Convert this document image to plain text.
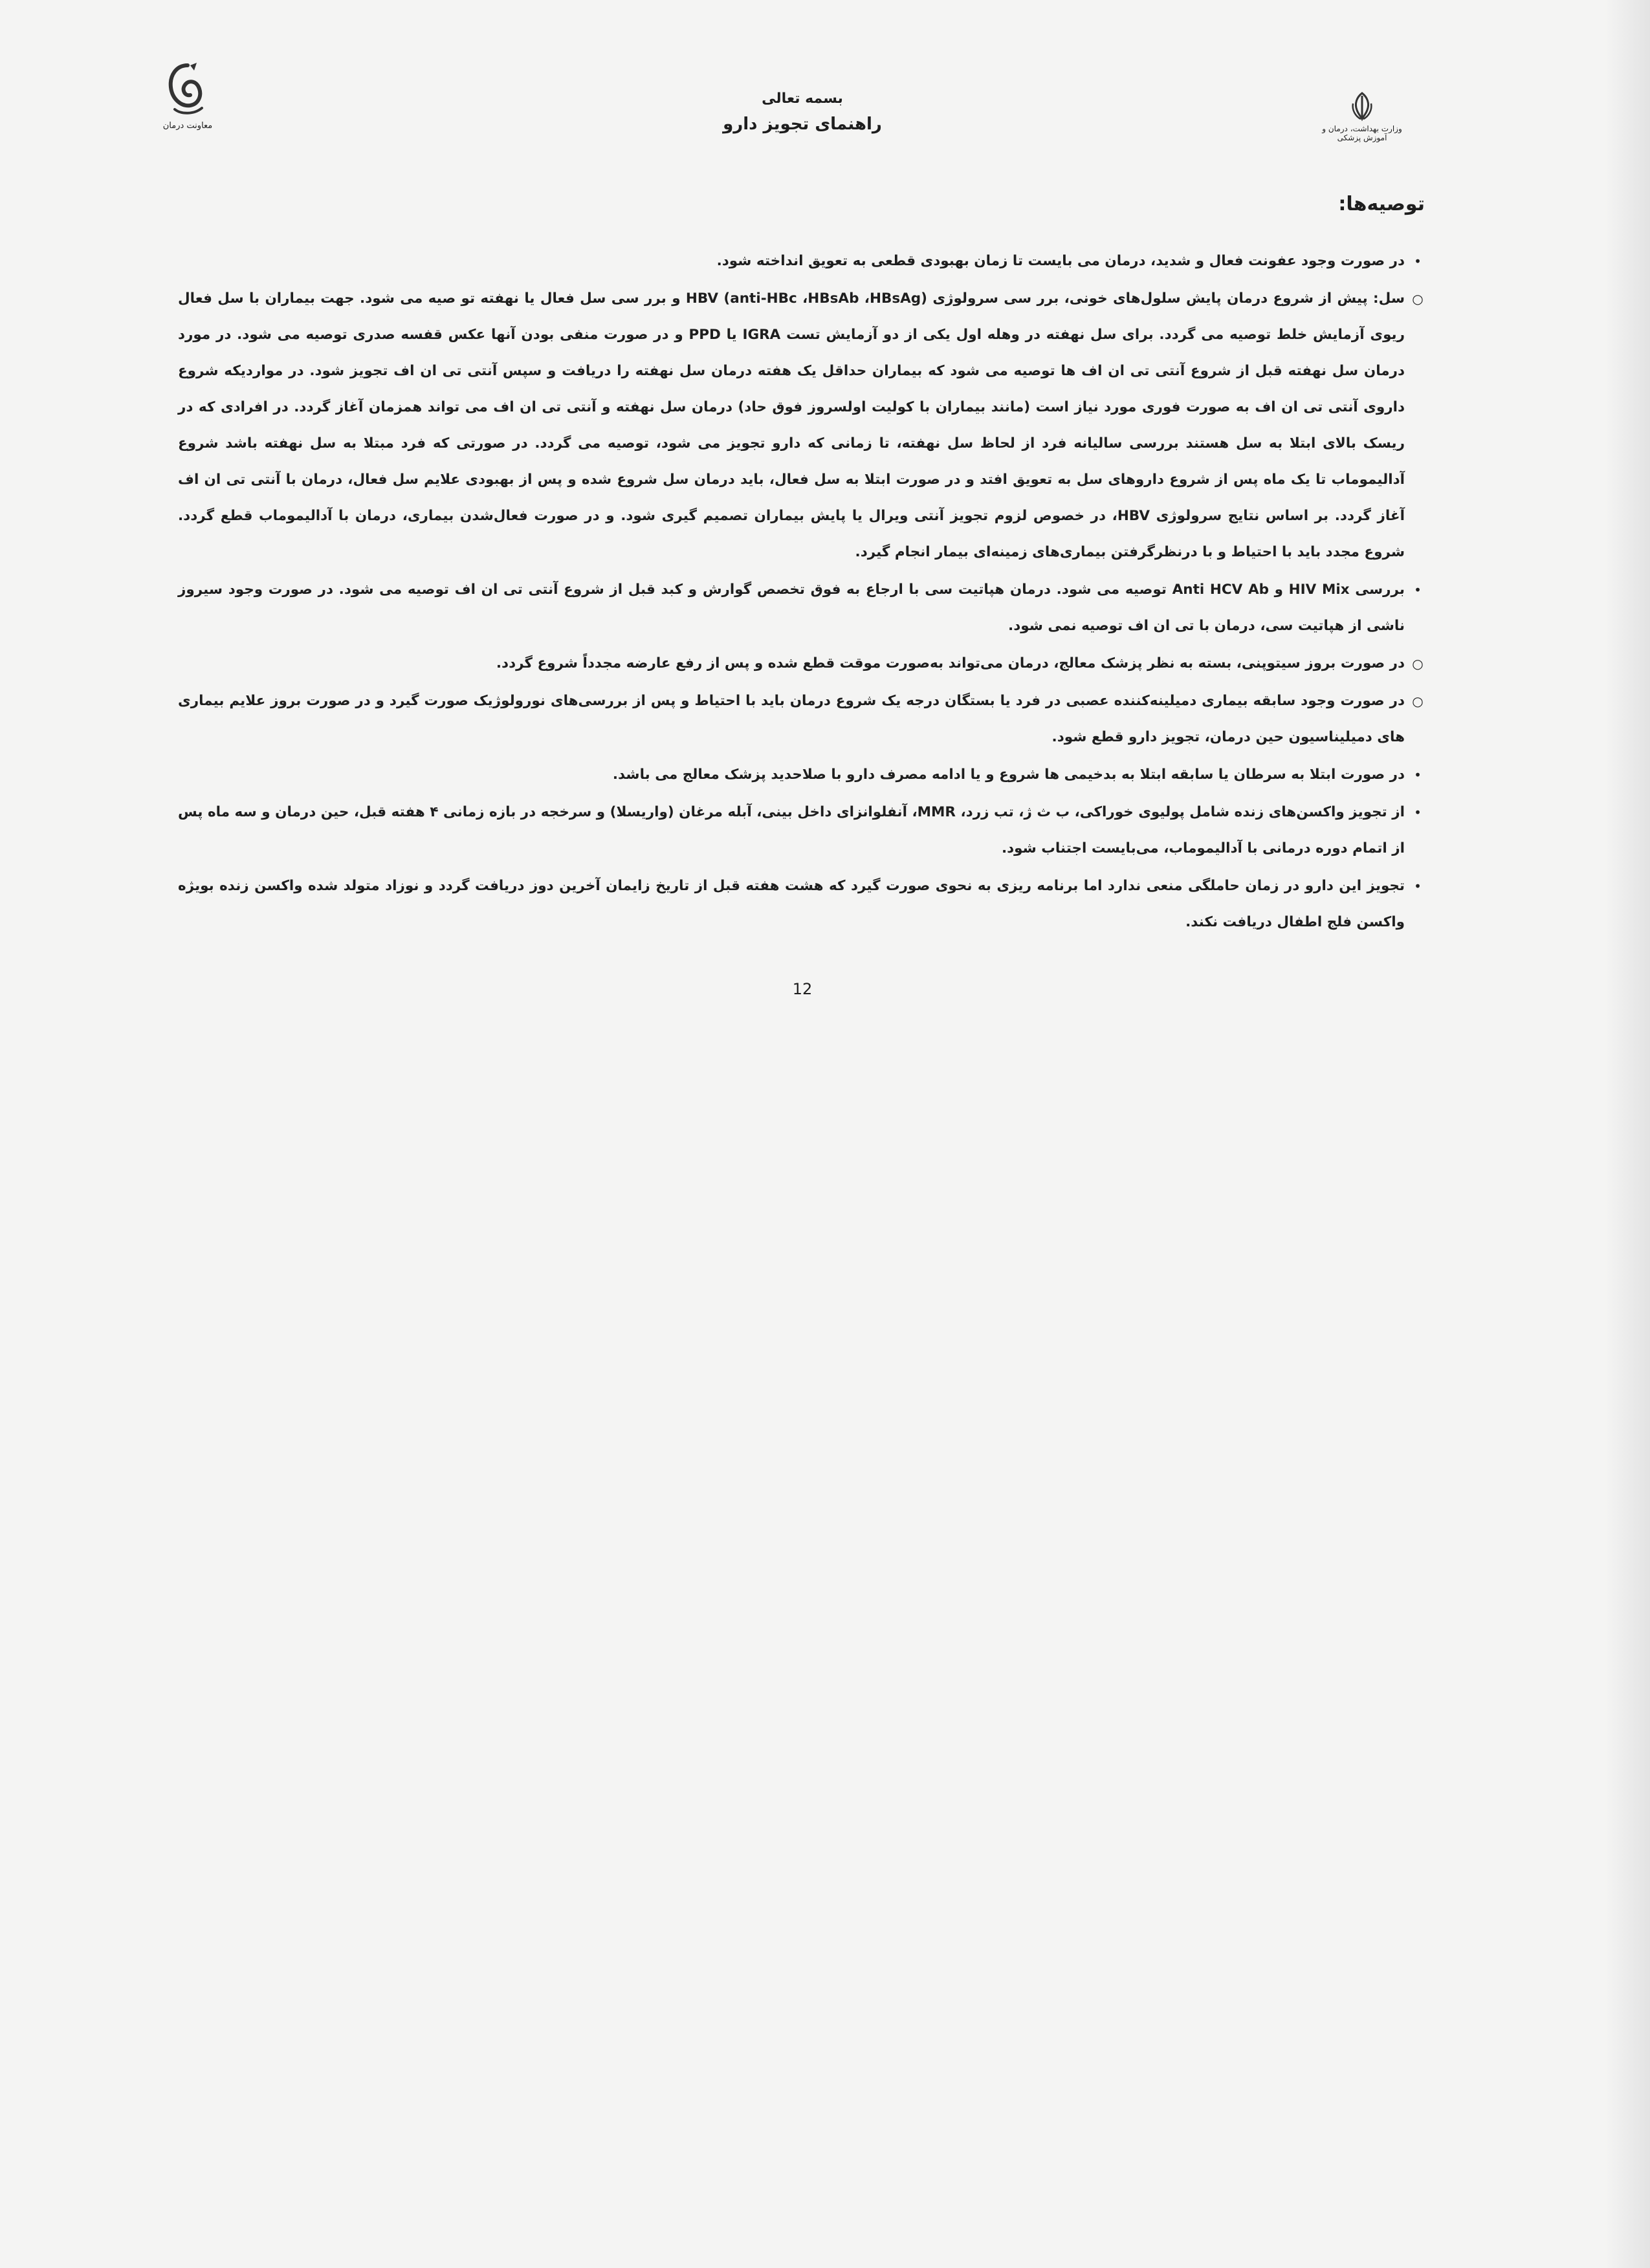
معاونت درمان
بسمه تعالی
راهنمای تجویز دارو	وزارت بهداشت، درمان و آموزش پزشکی
توصیه‌ها:
•
در صورت وجود عفونت فعال و شدید، درمان می بایست تا زمان بهبودی قطعی به تعویق انداخته شود.
○
سل: پیش از شروع درمان پایش سلول‌های خونی، برر سی سرولوژی HBV (anti-HBc ،HBsAb ،HBsAg) و برر سی سل فعال یا نهفته تو صیه می شود. جهت بیماران با سل فعال ریوی آزمایش خلط توصیه می گردد. برای سل نهفته در وهله اول یکی از دو آزمایش تست IGRA یا PPD و در صورت منفی بودن آنها عکس قفسه صدری توصیه می شود. در مورد درمان سل نهفته قبل از شروع آنتی تی ان اف ها توصیه می شود که بیماران حداقل یک هفته درمان سل نهفته را دریافت و سپس آنتی تی ان اف تجویز شود. در مواردیکه شروع داروی آنتی تی ان اف به صورت فوری مورد نیاز است (مانند بیماران با کولیت اولسروز فوق حاد) درمان سل نهفته و آنتی تی ان اف می تواند همزمان آغاز گردد. در افرادی که در ریسک بالای ابتلا به سل هستند بررسی سالیانه فرد از لحاظ سل نهفته، تا زمانی که دارو تجویز می شود، توصیه می گردد. در صورتی که فرد مبتلا به سل نهفته باشد شروع آدالیموماب تا یک ماه پس از شروع داروهای سل به تعویق افتد و در صورت ابتلا به سل فعال، باید درمان سل شروع شده و پس از بهبودی علایم سل فعال، درمان با آنتی تی ان اف آغاز گردد. بر اساس نتایج سرولوژی HBV، در خصوص لزوم تجویز آنتی ویرال یا پایش بیماران تصمیم گیری شود. و در صورت فعال‌شدن بیماری، درمان با آدالیموماب قطع گردد. شروع مجدد باید با احتیاط و با درنظرگرفتن بیماری‌های زمینه‌ای بیمار انجام گیرد.
•
بررسی HIV Mix و Anti HCV Ab توصیه می شود. درمان هپاتیت سی با ارجاع به فوق تخصص گوارش و کبد قبل از شروع آنتی تی ان اف توصیه می شود. در صورت وجود سیروز ناشی از هپاتیت سی، درمان با تی ان اف توصیه نمی شود.
○
در صورت بروز سیتوپنی، بسته به نظر پزشک معالج، درمان می‌تواند به‌صورت موقت قطع شده و پس از رفع عارضه مجدداً شروع گردد.
○
در صورت وجود سابقه بیماری دمیلینه‌کننده عصبی در فرد یا بستگان درجه یک شروع درمان باید با احتیاط و پس از بررسی‌های نورولوژیک صورت گیرد و در صورت بروز علایم بیماری های دمیلیناسیون حین درمان، تجویز دارو قطع شود.
•
در صورت ابتلا به سرطان یا سابقه ابتلا به بدخیمی ها شروع و یا ادامه مصرف دارو با صلاحدید پزشک معالج می باشد.
•
از تجویز واکسن‌های زنده شامل پولیوی خوراکی، ب ث ژ، تب زرد، MMR، آنفلوانزای داخل بینی، آبله مرغان (واریسلا) و سرخجه در بازه زمانی ۴ هفته قبل، حین درمان و سه ماه پس از اتمام دوره درمانی با آدالیموماب، می‌بایست اجتناب شود.
•
تجویز این دارو در زمان حاملگی منعی ندارد اما برنامه ریزی به نحوی صورت گیرد که هشت هفته قبل از تاریخ زایمان آخرین دوز دریافت گردد و نوزاد متولد شده واکسن زنده بویژه واکسن فلج اطفال دریافت نکند.
12
